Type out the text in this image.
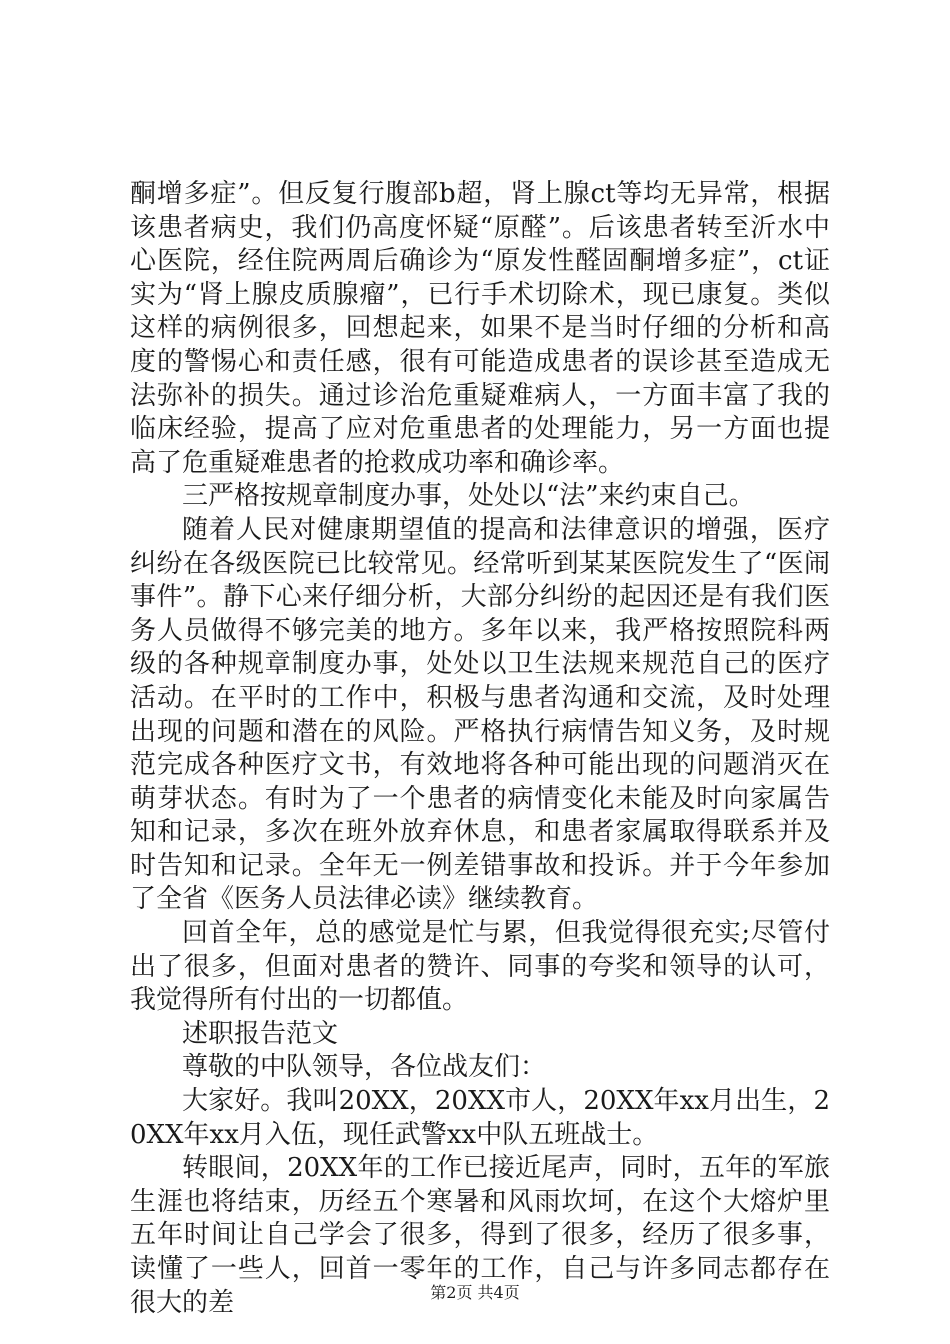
酮增多症”。但反复行腹部b超，肾上腺ct等均无异常，根据该患者病史，我们仍高度怀疑“原醛”。后该患者转至沂水中心医院，经住院两周后确诊为“原发性醛固酮增多症”，ct证实为“肾上腺皮质腺瘤”，已行手术切除术，现已康复。类似这样的病例很多，回想起来，如果不是当时仔细的分析和高度的警惕心和责任感，很有可能造成患者的误诊甚至造成无法弥补的损失。通过诊治危重疑难病人，一方面丰富了我的临床经验，提高了应对危重患者的处理能力，另一方面也提高了危重疑难患者的抢救成功率和确诊率。

三严格按规章制度办事，处处以“法”来约束自己。

随着人民对健康期望值的提高和法律意识的增强，医疗纠纷在各级医院已比较常见。经常听到某某医院发生了“医闹事件”。静下心来仔细分析，大部分纠纷的起因还是有我们医务人员做得不够完美的地方。多年以来，我严格按照院科两级的各种规章制度办事，处处以卫生法规来规范自己的医疗活动。在平时的工作中，积极与患者沟通和交流，及时处理出现的问题和潜在的风险。严格执行病情告知义务，及时规范完成各种医疗文书，有效地将各种可能出现的问题消灭在萌芽状态。有时为了一个患者的病情变化未能及时向家属告知和记录，多次在班外放弃休息，和患者家属取得联系并及时告知和记录。全年无一例差错事故和投诉。并于今年参加了全省《医务人员法律必读》继续教育。

回首全年，总的感觉是忙与累，但我觉得很充实;尽管付出了很多，但面对患者的赞许、同事的夸奖和领导的认可，我觉得所有付出的一切都值。

述职报告范文

尊敬的中队领导，各位战友们：

大家好。我叫20XX，20XX市人，20XX年xx月出生，20XX年xx月入伍，现任武警xx中队五班战士。

转眼间，20XX年的工作已接近尾声，同时，五年的军旅生涯也将结束，历经五个寒暑和风雨坎坷，在这个大熔炉里五年时间让自己学会了很多，得到了很多，经历了很多事，读懂了一些人，回首一零年的工作，自己与许多同志都存在很大的差	第2页 共4页
